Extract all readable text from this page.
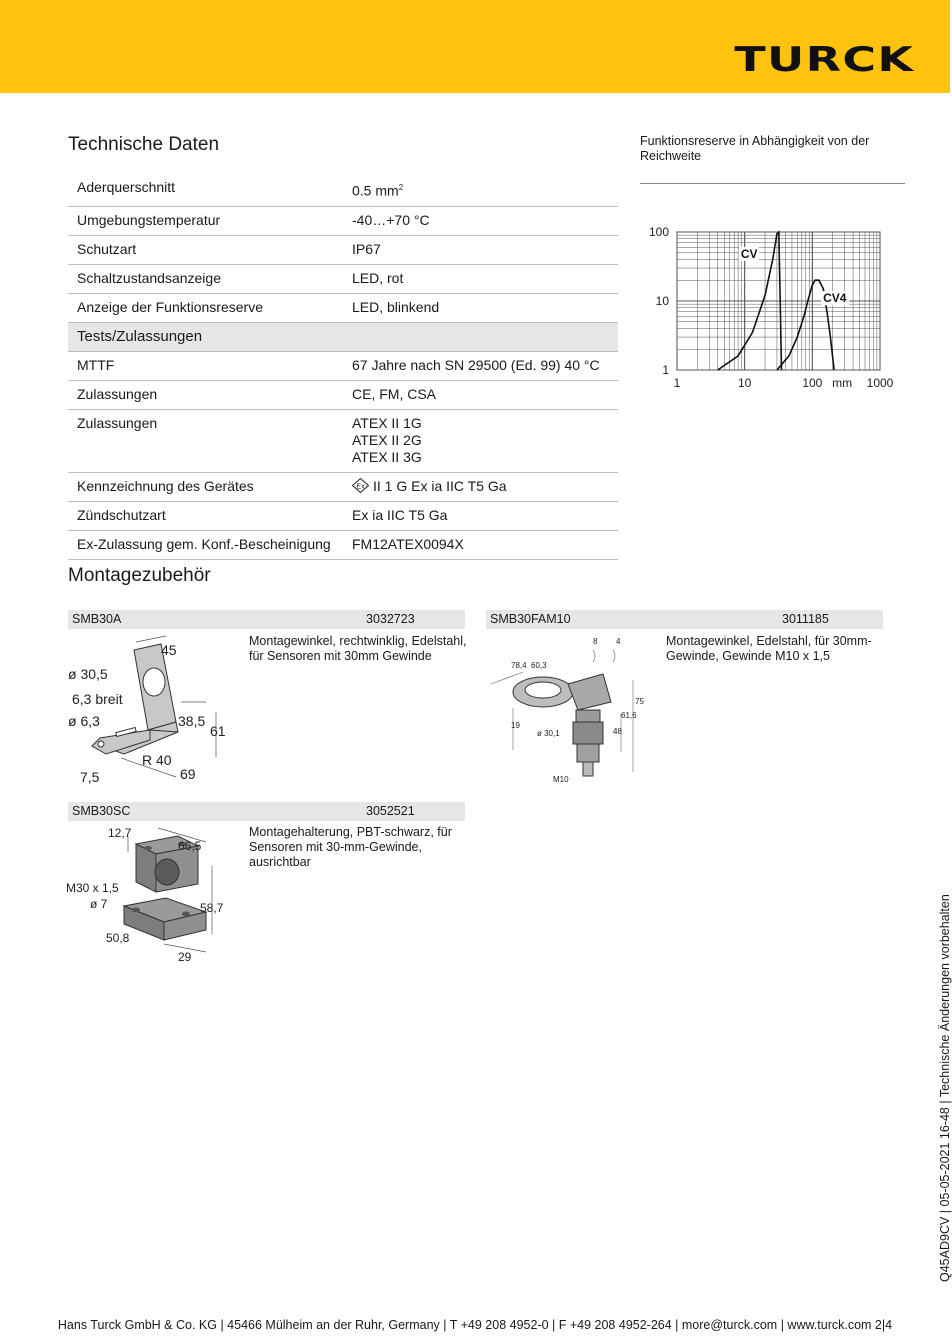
TURCK
Technische Daten
Aderquerschnitt	0.5 $mm^2$
Umgebungstemperatur	-40…+70 °C
Schutzart	IP67
Schaltzustandsanzeige	LED, rot
Anzeige der Funktionsreserve	LED, blinkend
Tests/Zulassungen	
MTTF	67 Jahre nach SN 29500 (Ed. 99) 40 °C
Zulassungen	CE, FM, CSA
Zulassungen	ATEX II 1G
ATEX II 2G
ATEX II 3G

Kennzeichnung des Gerätes	Ex II 1 G Ex ia IIC T5 Ga
Zündschutzart	Ex ia IIC T5 Ga
Ex-Zulassung gem. Konf.-Bescheinigung	FM12ATEX0094X
Funktionsreserve in Abhängigkeit von der Reichweite
CV
CV4
1	10	100	1000
mm
1
10
100
Montagezubehör
SMB30A	3032723
Montagewinkel, rechtwinklig, Edelstahl, für Sensoren mit 30mm Gewinde
45
ø 30,5
6,3 breit
ø 6,3	38,5
61
R 40
7,5	69
SMB30FAM10	3011185
Montagewinkel, Edelstahl, für 30mm-Gewinde, Gewinde M10 x 1,5
8 4
78,4 60,3
75
61,6
48
19
ø 30,1
M10
SMB30SC	3052521
Montagehalterung, PBT-schwarz, für Sensoren mit 30-mm-Gewinde, ausrichtbar
12,7
66,5
M30 x 1,5
ø 7	58,7
50,8
29	Q45AD9CV | 05-05-2021 16-48 | Technische Änderungen vorbehalten
Hans Turck GmbH & Co. KG | 45466 Mülheim an der Ruhr, Germany | T +49 208 4952-0 | F +49 208 4952-264 | more@turck.com | www.turck.com 2|4
